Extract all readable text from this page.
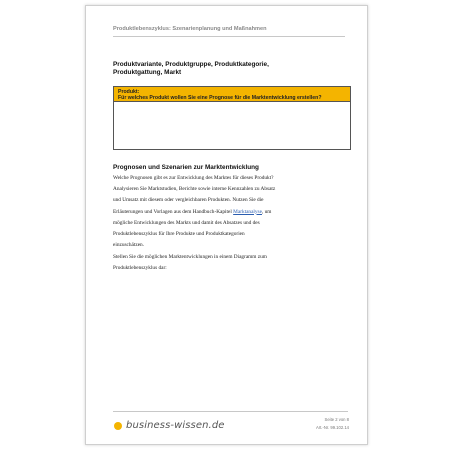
Produktlebenszyklus: Szenarienplanung und Maßnahmen
Produktvariante, Produktgruppe, Produktkategorie,
Produktgattung, Markt
Produkt:
Für welches Produkt wollen Sie eine Prognose für die Marktentwicklung erstellen?
Prognosen und Szenarien zur Marktentwicklung
Welche Prognosen gibt es zur Entwicklung des Marktes für dieses Produkt?
Analysieren Sie Marktstudien, Berichte sowie interne Kennzahlen zu Absatz
und Umsatz mit diesem oder vergleichbaren Produkten. Nutzen Sie die
Erläuterungen und Vorlagen aus dem Handbuch-Kapitel Marktanalyse, um
mögliche Entwicklungen des Markts und damit des Absatzes und des
Produktlebenszyklus für Ihre Produkte und Produktkategorien
einzuschätzen.
Stellen Sie die möglichen Marktentwicklungen in einem Diagramm zum
Produktlebenszyklus dar:
business-wissen.de
Seite 2 von 8
Art.-Nr. 99.102.14
